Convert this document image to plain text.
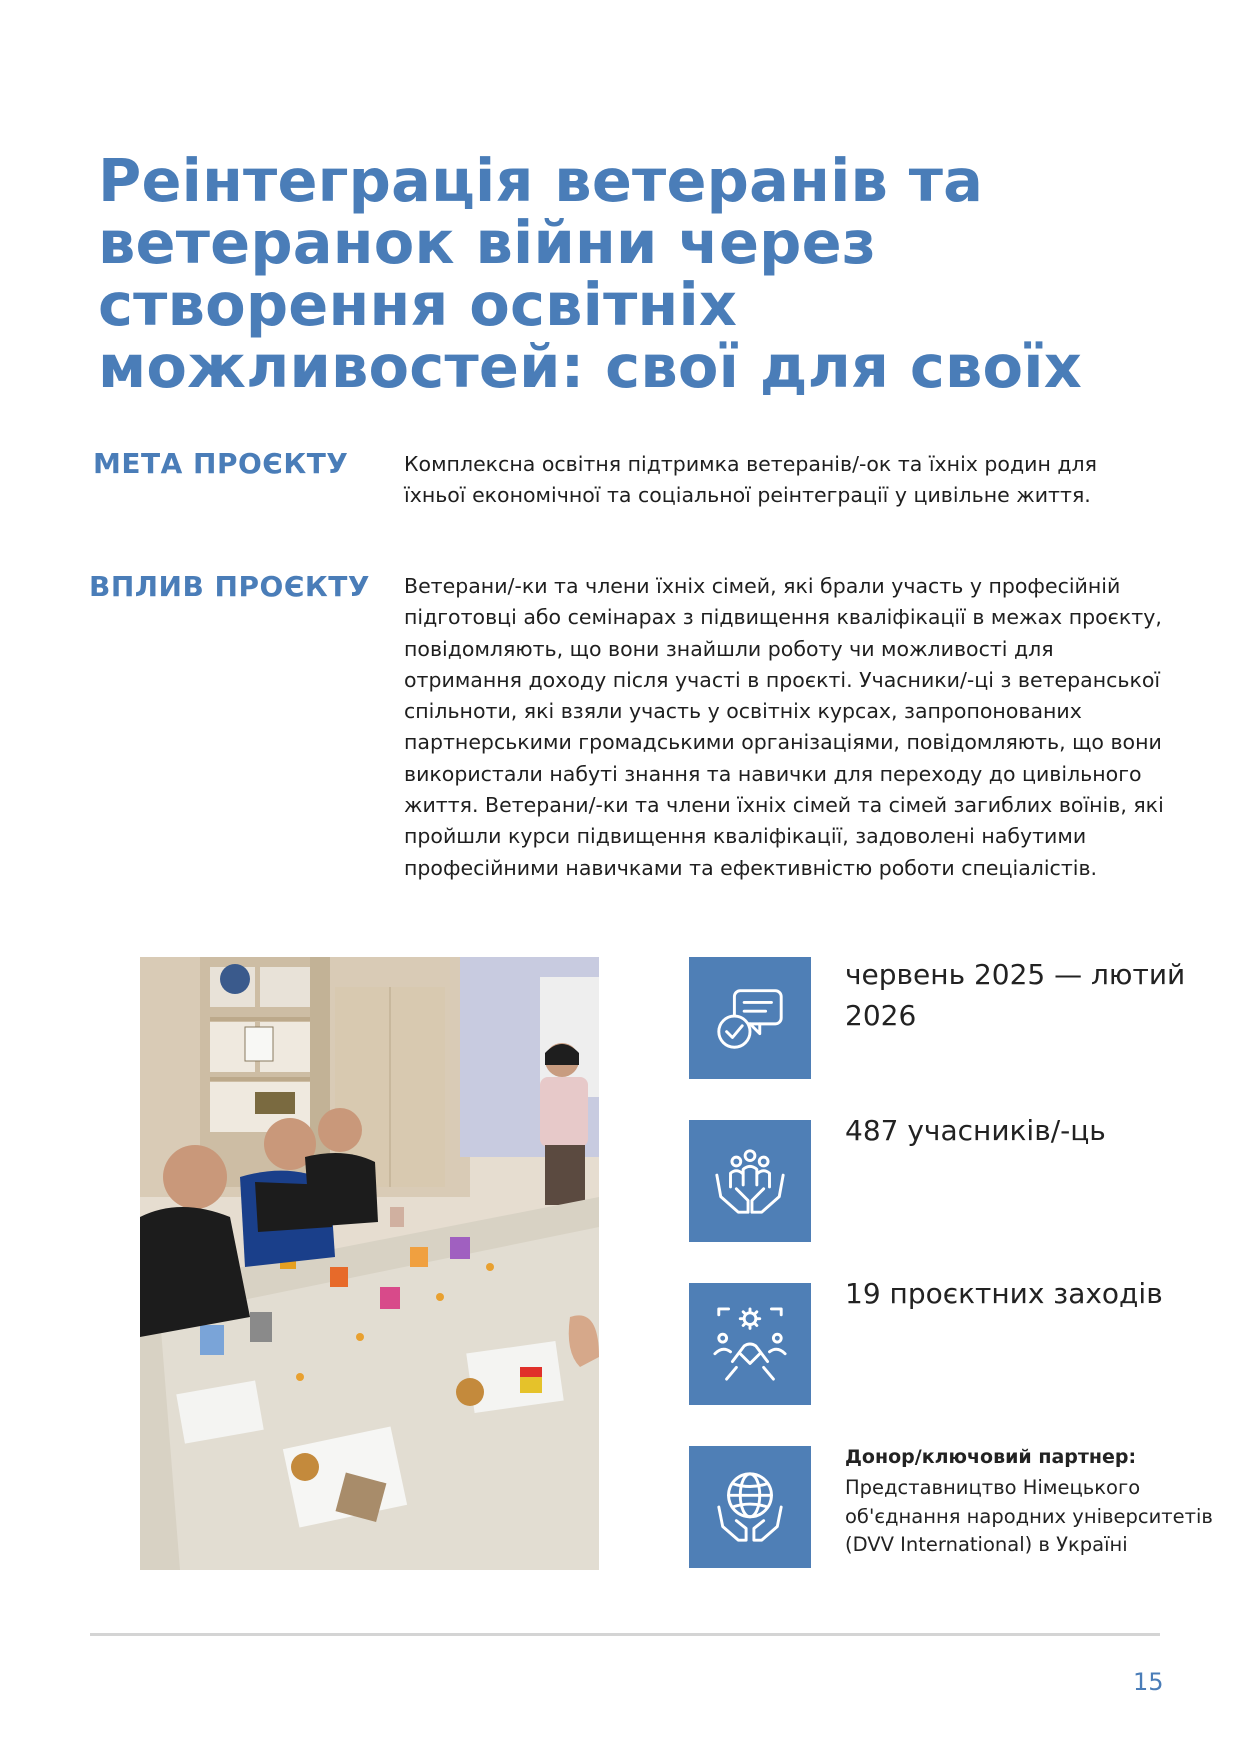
Реінтеграція ветеранів та ветеранок війни через створення освітніх можливостей: свої для своїх
МЕТА ПРОЄКТУ	Комплексна освітня підтримка ветеранів/-ок та їхніх родин для їхньої економічної та соціальної реінтеграції у цивільне життя.

ВПЛИВ ПРОЄКТУ Ветерани/-ки та члени їхніх сімей, які брали участь у професійній підготовці або семінарах з підвищення кваліфікації в межах проєкту, повідомляють, що вони знайшли роботу чи можливості для отримання доходу після участі в проєкті. Учасники/-ці з ветеранської спільноти, які взяли участь у освітніх курсах, запропонованих партнерськими громадськими організаціями, повідомляють, що вони використали набуті знання та навички для переходу до цивільного життя. Ветерани/-ки та члени їхніх сімей та сімей загиблих воїнів, які пройшли курси підвищення кваліфікації, задоволені набутими професійними навичками та ефективністю роботи спеціалістів.

червень 2025 — лютий 2026

487 учасників/-ць

19 проєктних заходів

Донор/ключовий партнер:

Представництво Німецького об'єднання народних університетів (DVV International) в Україні

15
